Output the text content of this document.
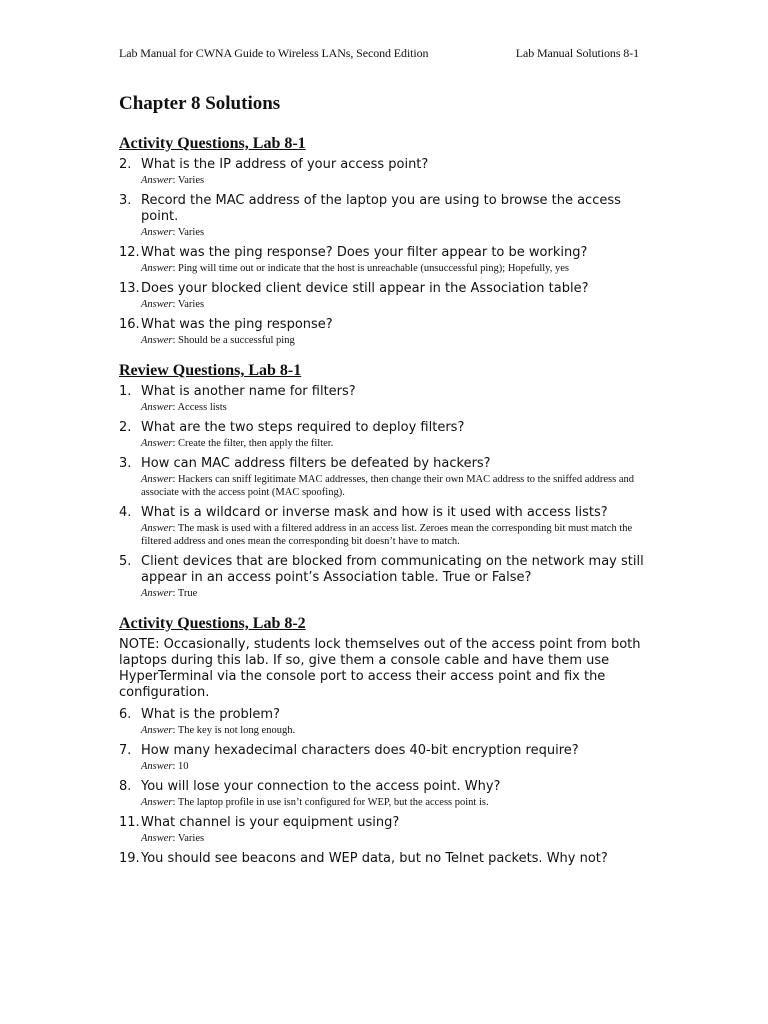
Lab Manual for CWNA Guide to Wireless LANs, Second Edition	Lab Manual Solutions 8-1
Chapter 8 Solutions
Activity Questions, Lab 8-1
2. What is the IP address of your access point?
Answer: Varies
3. Record the MAC address of the laptop you are using to browse the access point.
Answer: Varies
12. What was the ping response? Does your filter appear to be working?
Answer: Ping will time out or indicate that the host is unreachable (unsuccessful ping); Hopefully, yes
13. Does your blocked client device still appear in the Association table?
Answer: Varies
16. What was the ping response?
Answer: Should be a successful ping
Review Questions, Lab 8-1
1. What is another name for filters?
Answer: Access lists
2. What are the two steps required to deploy filters?
Answer: Create the filter, then apply the filter.
3. How can MAC address filters be defeated by hackers?
Answer: Hackers can sniff legitimate MAC addresses, then change their own MAC address to the sniffed address and associate with the access point (MAC spoofing).
4. What is a wildcard or inverse mask and how is it used with access lists?
Answer: The mask is used with a filtered address in an access list. Zeroes mean the corresponding bit must match the filtered address and ones mean the corresponding bit doesn’t have to match.
5. Client devices that are blocked from communicating on the network may still appear in an access point’s Association table. True or False?
Answer: True
Activity Questions, Lab 8-2
NOTE: Occasionally, students lock themselves out of the access point from both laptops during this lab. If so, give them a console cable and have them use HyperTerminal via the console port to access their access point and fix the configuration.
6. What is the problem?
Answer: The key is not long enough.
7. How many hexadecimal characters does 40-bit encryption require?
Answer: 10
8. You will lose your connection to the access point. Why?
Answer: The laptop profile in use isn’t configured for WEP, but the access point is.
11. What channel is your equipment using?
Answer: Varies
19. You should see beacons and WEP data, but no Telnet packets. Why not?
